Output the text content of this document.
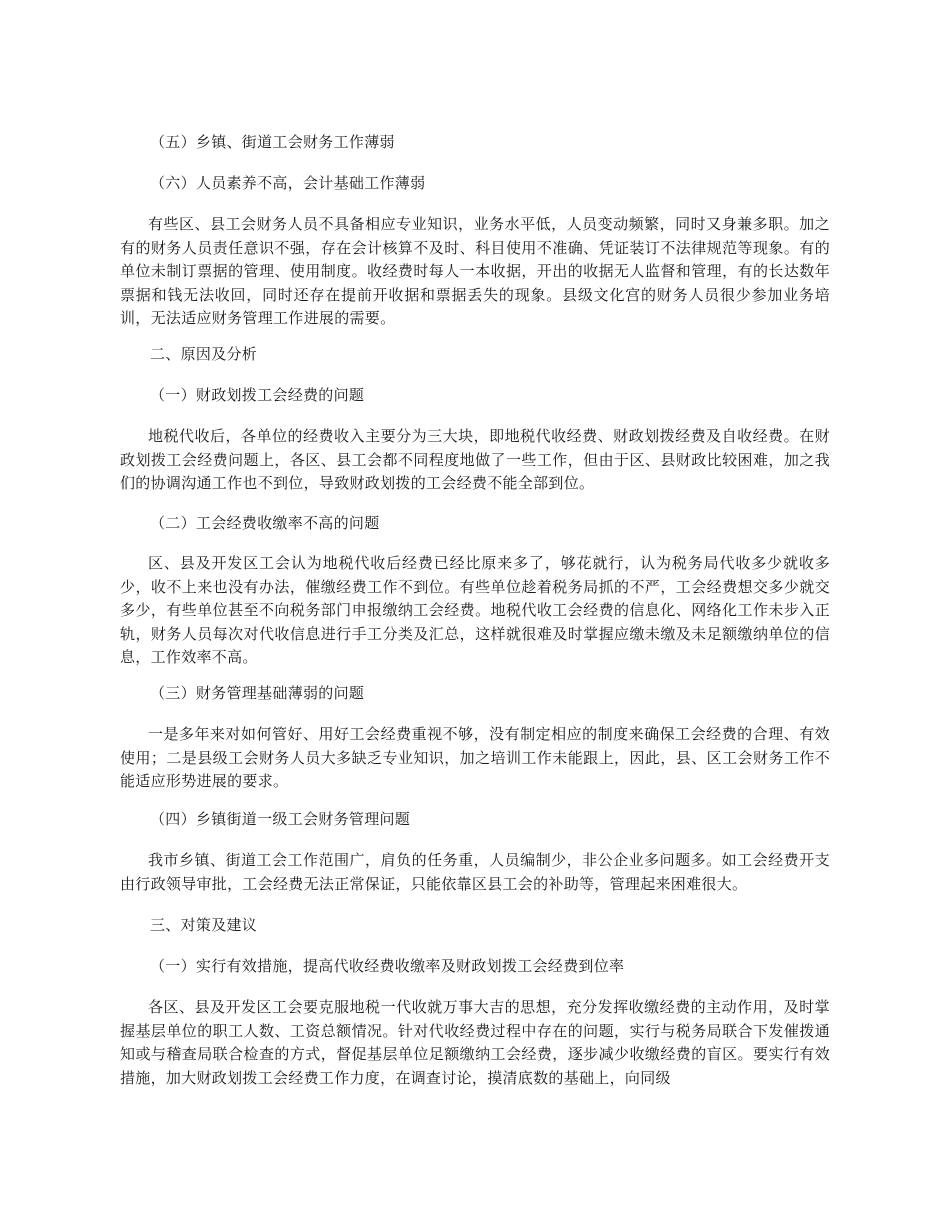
（五）乡镇、街道工会财务工作薄弱

（六）人员素养不高，会计基础工作薄弱

有些区、县工会财务人员不具备相应专业知识，业务水平低，人员变动频繁，同时又身兼多职。加之有的财务人员责任意识不强，存在会计核算不及时、科目使用不准确、凭证装订不法律规范等现象。有的单位未制订票据的管理、使用制度。收经费时每人一本收据，开出的收据无人监督和管理，有的长达数年票据和钱无法收回，同时还存在提前开收据和票据丢失的现象。县级文化宫的财务人员很少参加业务培训，无法适应财务管理工作进展的需要。

二、原因及分析

（一）财政划拨工会经费的问题

地税代收后，各单位的经费收入主要分为三大块，即地税代收经费、财政划拨经费及自收经费。在财政划拨工会经费问题上，各区、县工会都不同程度地做了一些工作，但由于区、县财政比较困难，加之我们的协调沟通工作也不到位，导致财政划拨的工会经费不能全部到位。

（二）工会经费收缴率不高的问题

区、县及开发区工会认为地税代收后经费已经比原来多了，够花就行，认为税务局代收多少就收多少，收不上来也没有办法，催缴经费工作不到位。有些单位趁着税务局抓的不严，工会经费想交多少就交多少，有些单位甚至不向税务部门申报缴纳工会经费。地税代收工会经费的信息化、网络化工作未步入正轨，财务人员每次对代收信息进行手工分类及汇总，这样就很难及时掌握应缴未缴及未足额缴纳单位的信息，工作效率不高。

（三）财务管理基础薄弱的问题

一是多年来对如何管好、用好工会经费重视不够，没有制定相应的制度来确保工会经费的合理、有效使用；二是县级工会财务人员大多缺乏专业知识，加之培训工作未能跟上，因此，县、区工会财务工作不能适应形势进展的要求。

（四）乡镇街道一级工会财务管理问题

我市乡镇、街道工会工作范围广，肩负的任务重，人员编制少，非公企业多问题多。如工会经费开支由行政领导审批，工会经费无法正常保证，只能依靠区县工会的补助等，管理起来困难很大。

三、对策及建议

（一）实行有效措施，提高代收经费收缴率及财政划拨工会经费到位率

各区、县及开发区工会要克服地税一代收就万事大吉的思想，充分发挥收缴经费的主动作用，及时掌握基层单位的职工人数、工资总额情况。针对代收经费过程中存在的问题，实行与税务局联合下发催拨通知或与稽查局联合检查的方式，督促基层单位足额缴纳工会经费，逐步减少收缴经费的盲区。要实行有效措施，加大财政划拨工会经费工作力度，在调查讨论，摸清底数的基础上，向同级
